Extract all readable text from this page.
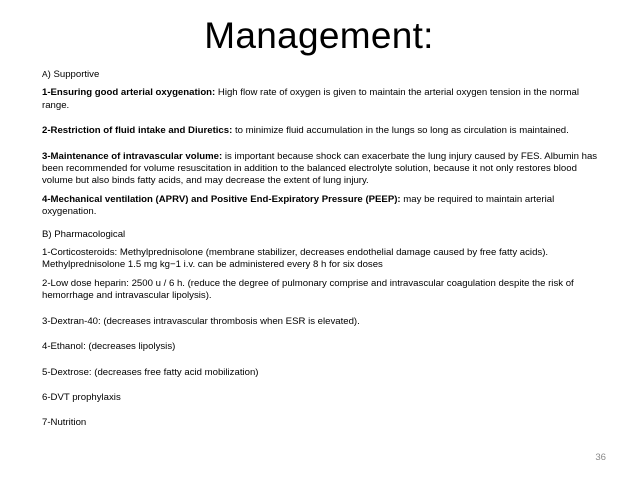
Management:

A) Supportive

1-Ensuring good arterial oxygenation: High flow rate of oxygen is given to maintain the arterial oxygen tension in the normal range.

2-Restriction of fluid intake and Diuretics: to minimize fluid accumulation in the lungs so long as circulation is maintained.

3-Maintenance of intravascular volume: is important because shock can exacerbate the lung injury caused by FES. Albumin has been recommended for volume resuscitation in addition to the balanced electrolyte solution, because it not only restores blood volume but also binds fatty acids, and may decrease the extent of lung injury.

4-Mechanical ventilation (APRV) and Positive End-Expiratory Pressure (PEEP): may be required to maintain arterial oxygenation.

B) Pharmacological

1-Corticosteroids: Methylprednisolone (membrane stabilizer, decreases endothelial damage caused by free fatty acids). Methylprednisolone 1.5 mg kg−1 i.v. can be administered every 8 h for six doses

2-Low dose heparin: 2500 u / 6 h. (reduce the degree of pulmonary comprise and intravascular coagulation despite the risk of hemorrhage and intravascular lipolysis).

3-Dextran-40: (decreases intravascular thrombosis when ESR is elevated).

4-Ethanol: (decreases lipolysis)

5-Dextrose: (decreases free fatty acid mobilization)

6-DVT prophylaxis

7-Nutrition

36
